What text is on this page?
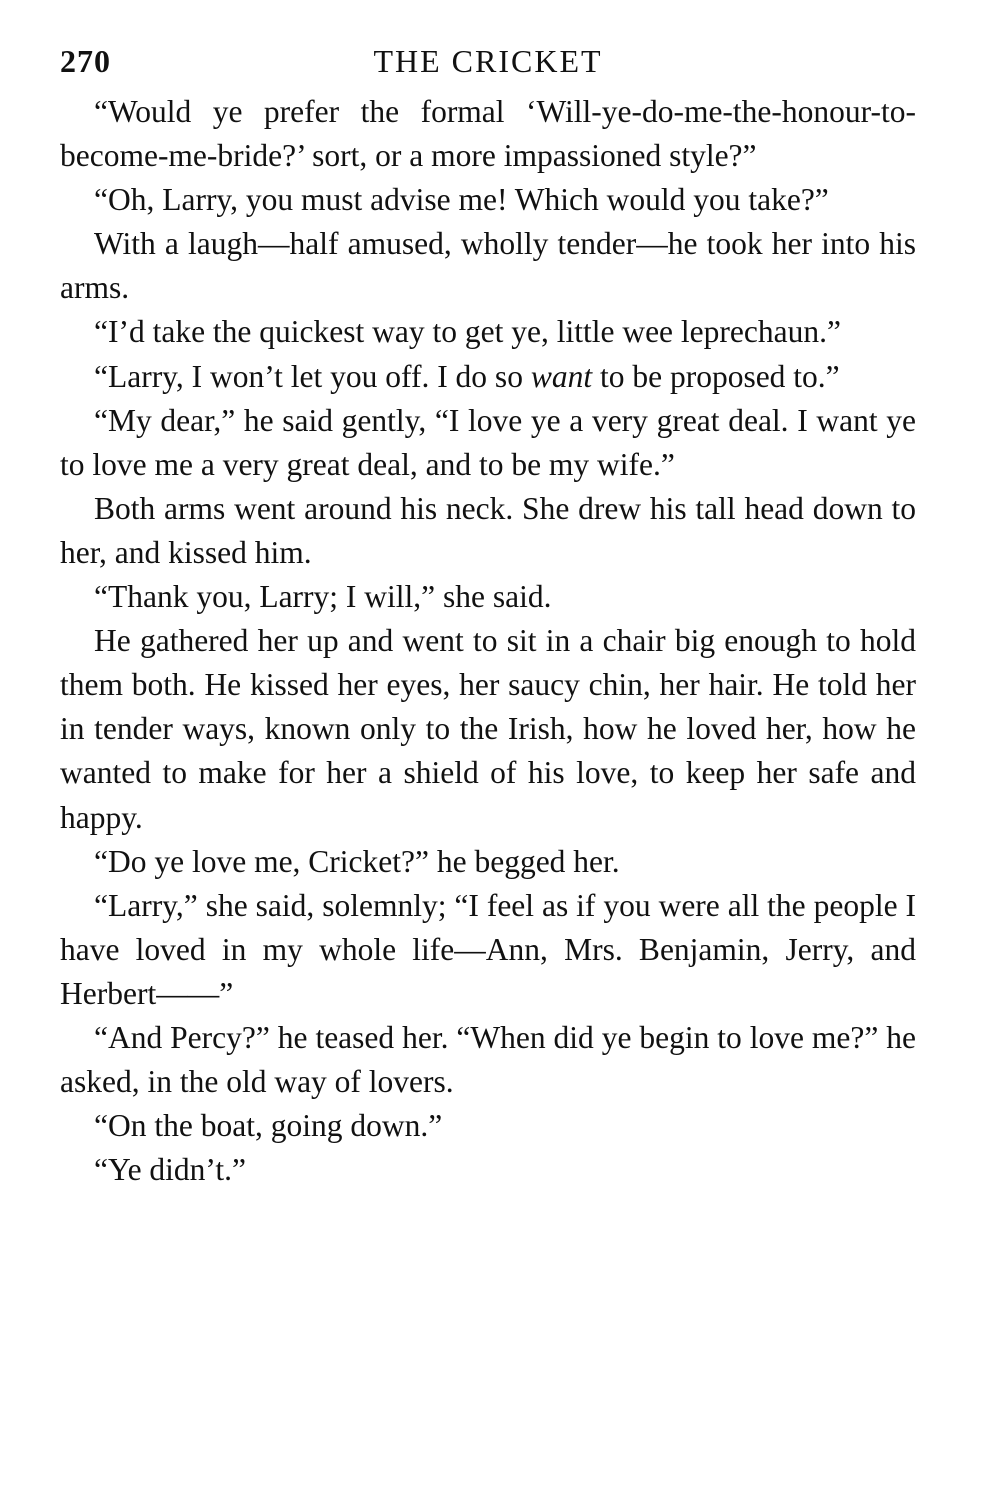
270	THE CRICKET

“Would ye prefer the formal ‘Will-ye-do-me-the-honour-to-become-me-bride?’ sort, or a more impassioned style?”

“Oh, Larry, you must advise me! Which would you take?”

With a laugh—half amused, wholly tender—he took her into his arms.

“I’d take the quickest way to get ye, little wee leprechaun.”

“Larry, I won’t let you off. I do so want to be proposed to.”

“My dear,” he said gently, “I love ye a very great deal. I want ye to love me a very great deal, and to be my wife.”

Both arms went around his neck. She drew his tall head down to her, and kissed him.

“Thank you, Larry; I will,” she said.

He gathered her up and went to sit in a chair big enough to hold them both. He kissed her eyes, her saucy chin, her hair. He told her in tender ways, known only to the Irish, how he loved her, how he wanted to make for her a shield of his love, to keep her safe and happy.

“Do ye love me, Cricket?” he begged her.

“Larry,” she said, solemnly; “I feel as if you were all the people I have loved in my whole life—Ann, Mrs. Benjamin, Jerry, and Herbert——”

“And Percy?” he teased her. “When did ye begin to love me?” he asked, in the old way of lovers.

“On the boat, going down.”

“Ye didn’t.”
